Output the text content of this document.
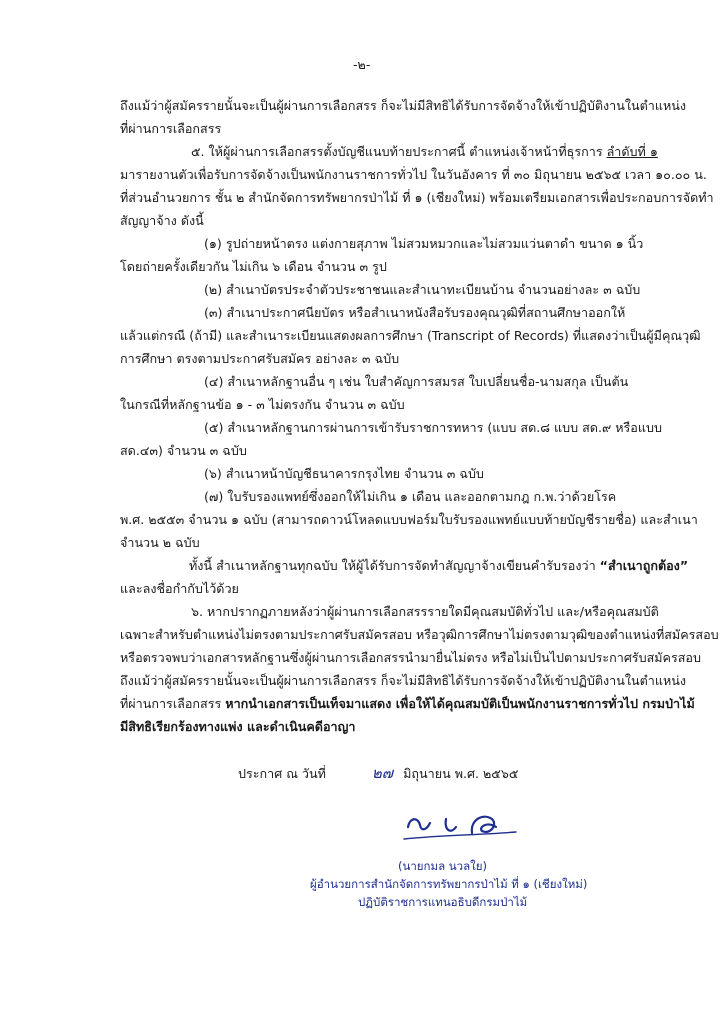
-๒-
ถึงแม้ว่าผู้สมัครรายนั้นจะเป็นผู้ผ่านการเลือกสรร ก็จะไม่มีสิทธิได้รับการจัดจ้างให้เข้าปฏิบัติงานในตำแหน่ง
ที่ผ่านการเลือกสรร
๕. ให้ผู้ผ่านการเลือกสรรตั้งบัญชีแนบท้ายประกาศนี้ ตำแหน่งเจ้าหน้าที่ธุรการ ลำดับที่ ๑
มารายงานตัวเพื่อรับการจัดจ้างเป็นพนักงานราชการทั่วไป ในวันอังคาร ที่ ๓๐ มิถุนายน ๒๕๖๕ เวลา ๑๐.๐๐ น.
ที่ส่วนอำนวยการ ชั้น ๒ สำนักจัดการทรัพยากรป่าไม้ ที่ ๑ (เชียงใหม่) พร้อมเตรียมเอกสารเพื่อประกอบการจัดทำ
สัญญาจ้าง ดังนี้
(๑) รูปถ่ายหน้าตรง แต่งกายสุภาพ ไม่สวมหมวกและไม่สวมแว่นตาดำ ขนาด ๑ นิ้ว
โดยถ่ายครั้งเดียวกัน ไม่เกิน ๖ เดือน จำนวน ๓ รูป
(๒) สำเนาบัตรประจำตัวประชาชนและสำเนาทะเบียนบ้าน จำนวนอย่างละ ๓ ฉบับ
(๓) สำเนาประกาศนียบัตร หรือสำเนาหนังสือรับรองคุณวุฒิที่สถานศึกษาออกให้
แล้วแต่กรณี (ถ้ามี) และสำเนาระเบียนแสดงผลการศึกษา (Transcript of Records) ที่แสดงว่าเป็นผู้มีคุณวุฒิ
การศึกษา ตรงตามประกาศรับสมัคร อย่างละ ๓ ฉบับ
(๔) สำเนาหลักฐานอื่น ๆ เช่น ใบสำคัญการสมรส ใบเปลี่ยนชื่อ-นามสกุล เป็นต้น
ในกรณีที่หลักฐานข้อ ๑ - ๓ ไม่ตรงกัน จำนวน ๓ ฉบับ
(๕) สำเนาหลักฐานการผ่านการเข้ารับราชการทหาร (แบบ สด.๘ แบบ สด.๙ หรือแบบ
สด.๔๓) จำนวน ๓ ฉบับ
(๖) สำเนาหน้าบัญชีธนาคารกรุงไทย จำนวน ๓ ฉบับ
(๗) ใบรับรองแพทย์ซึ่งออกให้ไม่เกิน ๑ เดือน และออกตามกฎ ก.พ.ว่าด้วยโรค
พ.ศ. ๒๕๕๓ จำนวน ๑ ฉบับ (สามารถดาวน์โหลดแบบฟอร์มใบรับรองแพทย์แบบท้ายบัญชีรายชื่อ) และสำเนา
จำนวน ๒ ฉบับ
ทั้งนี้ สำเนาหลักฐานทุกฉบับ ให้ผู้ได้รับการจัดทำสัญญาจ้างเขียนคำรับรองว่า “สำเนาถูกต้อง”
และลงชื่อกำกับไว้ด้วย
๖. หากปรากฏภายหลังว่าผู้ผ่านการเลือกสรรรายใดมีคุณสมบัติทั่วไป และ/หรือคุณสมบัติ
เฉพาะสำหรับตำแหน่งไม่ตรงตามประกาศรับสมัครสอบ หรือวุฒิการศึกษาไม่ตรงตามวุฒิของตำแหน่งที่สมัครสอบ
หรือตรวจพบว่าเอกสารหลักฐานซึ่งผู้ผ่านการเลือกสรรนำมายื่นไม่ตรง หรือไม่เป็นไปตามประกาศรับสมัครสอบ
ถึงแม้ว่าผู้สมัครรายนั้นจะเป็นผู้ผ่านการเลือกสรร ก็จะไม่มีสิทธิได้รับการจัดจ้างให้เข้าปฏิบัติงานในตำแหน่ง
ที่ผ่านการเลือกสรร หากนำเอกสารเป็นเท็จมาแสดง เพื่อให้ได้คุณสมบัติเป็นพนักงานราชการทั่วไป กรมป่าไม้
มีสิทธิเรียกร้องทางแพ่ง และดำเนินคดีอาญา
ประกาศ ณ วันที่	๒๗ มิถุนายน พ.ศ. ๒๕๖๕
(นายกมล นวลใย)
ผู้อำนวยการสำนักจัดการทรัพยากรป่าไม้ ที่ ๑ (เชียงใหม่)
ปฏิบัติราชการแทนอธิบดีกรมป่าไม้
